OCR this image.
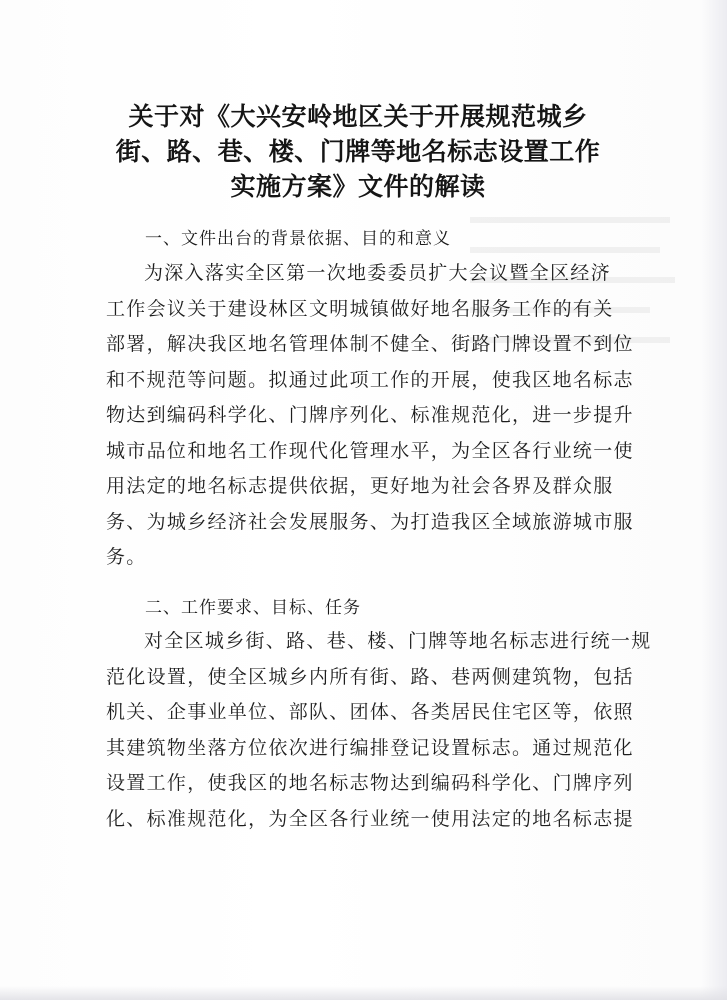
关于对《大兴安岭地区关于开展规范城乡
街、路、巷、楼、门牌等地名标志设置工作
实施方案》文件的解读
一、文件出台的背景依据、目的和意义
为深入落实全区第一次地委委员扩大会议暨全区经济
工作会议关于建设林区文明城镇做好地名服务工作的有关
部署，解决我区地名管理体制不健全、街路门牌设置不到位
和不规范等问题。拟通过此项工作的开展，使我区地名标志
物达到编码科学化、门牌序列化、标准规范化，进一步提升
城市品位和地名工作现代化管理水平，为全区各行业统一使
用法定的地名标志提供依据，更好地为社会各界及群众服
务、为城乡经济社会发展服务、为打造我区全域旅游城市服
务。
二、工作要求、目标、任务
对全区城乡街、路、巷、楼、门牌等地名标志进行统一规
范化设置，使全区城乡内所有街、路、巷两侧建筑物，包括
机关、企事业单位、部队、团体、各类居民住宅区等，依照
其建筑物坐落方位依次进行编排登记设置标志。通过规范化
设置工作，使我区的地名标志物达到编码科学化、门牌序列
化、标准规范化，为全区各行业统一使用法定的地名标志提
